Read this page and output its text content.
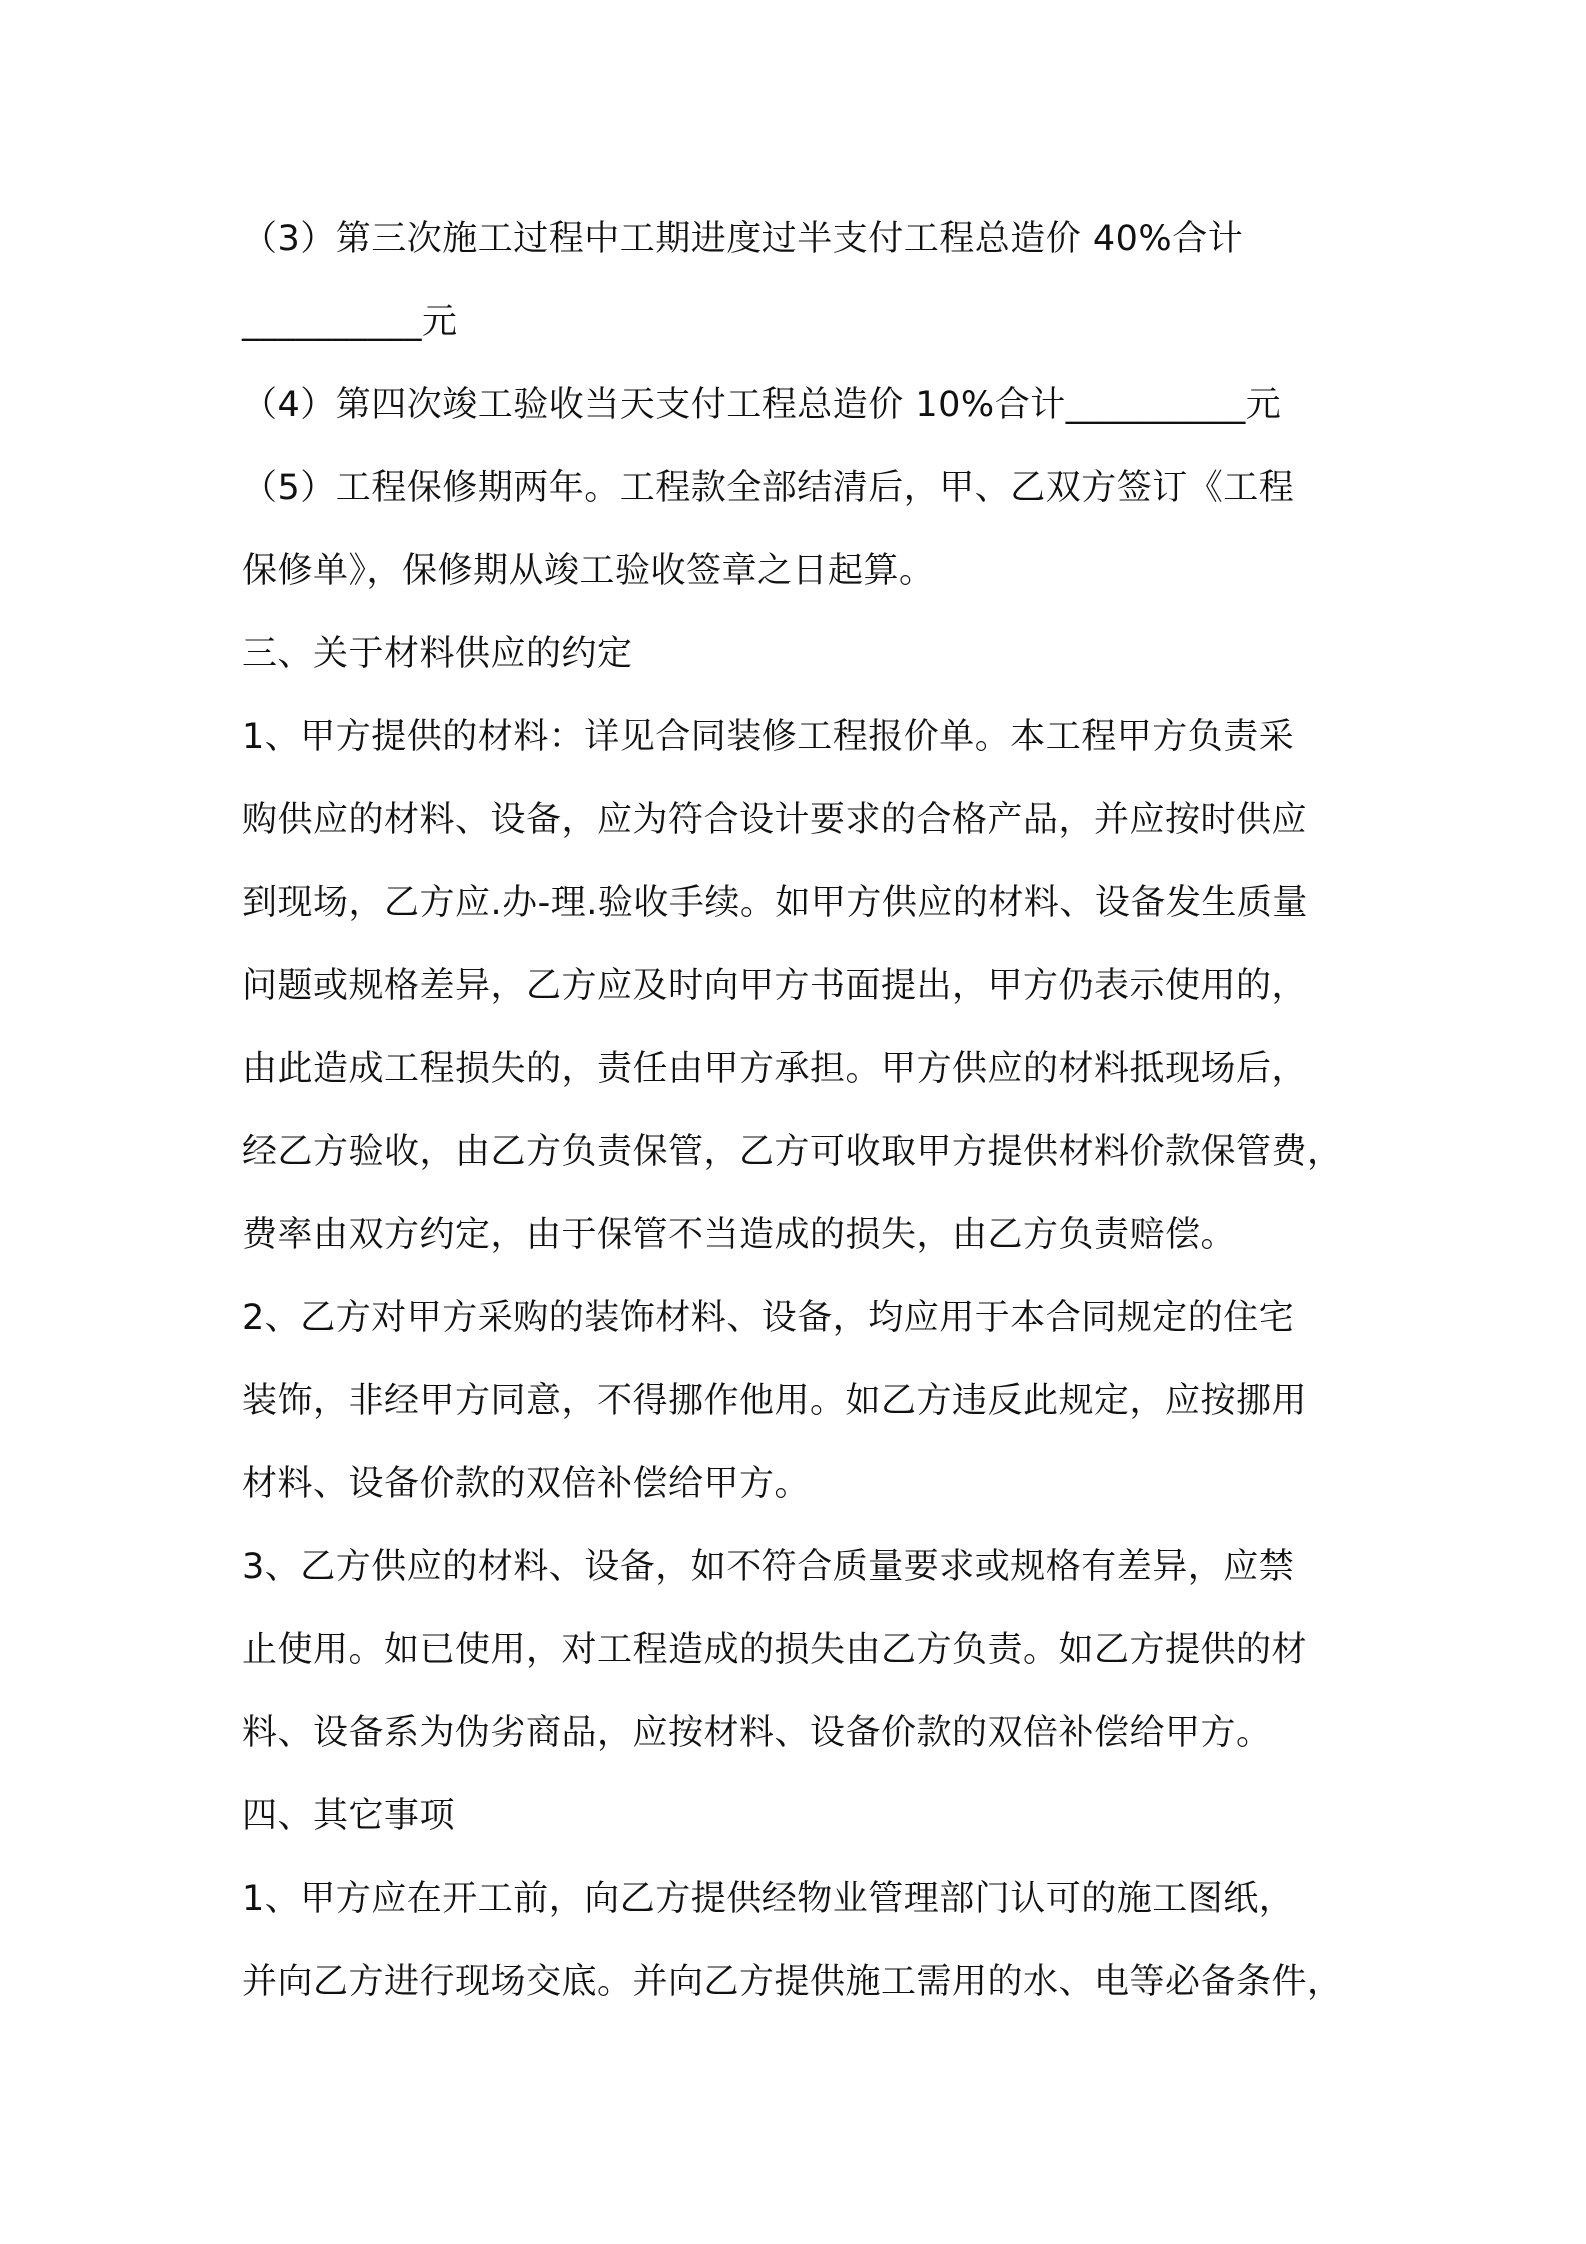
（3）第三次施工过程中工期进度过半支付工程总造价 40%合计
__________元
（4）第四次竣工验收当天支付工程总造价 10%合计__________元
（5）工程保修期两年。工程款全部结清后，甲、乙双方签订《工程
保修单》，保修期从竣工验收签章之日起算。
三、关于材料供应的约定
1、甲方提供的材料：详见合同装修工程报价单。本工程甲方负责采
购供应的材料、设备，应为符合设计要求的合格产品，并应按时供应
到现场，乙方应.办-理.验收手续。如甲方供应的材料、设备发生质量
问题或规格差异，乙方应及时向甲方书面提出，甲方仍表示使用的，
由此造成工程损失的，责任由甲方承担。甲方供应的材料抵现场后，
经乙方验收，由乙方负责保管，乙方可收取甲方提供材料价款保管费，
费率由双方约定，由于保管不当造成的损失，由乙方负责赔偿。
2、乙方对甲方采购的装饰材料、设备，均应用于本合同规定的住宅
装饰，非经甲方同意，不得挪作他用。如乙方违反此规定，应按挪用
材料、设备价款的双倍补偿给甲方。
3、乙方供应的材料、设备，如不符合质量要求或规格有差异，应禁
止使用。如已使用，对工程造成的损失由乙方负责。如乙方提供的材
料、设备系为伪劣商品，应按材料、设备价款的双倍补偿给甲方。
四、其它事项
1、甲方应在开工前，向乙方提供经物业管理部门认可的施工图纸，
并向乙方进行现场交底。并向乙方提供施工需用的水、电等必备条件，
